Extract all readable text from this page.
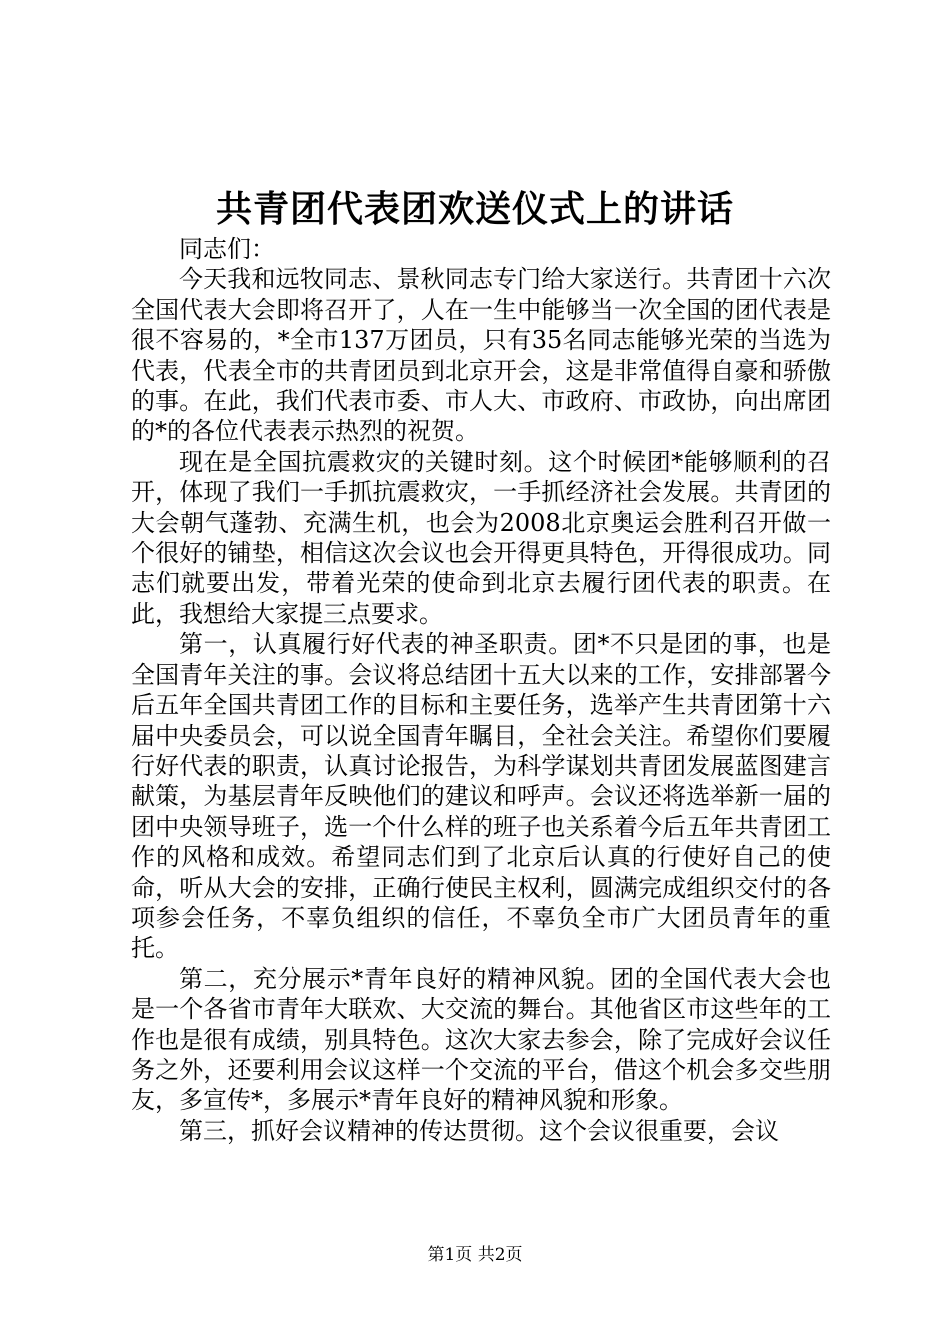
共青团代表团欢送仪式上的讲话

同志们：

今天我和远牧同志、景秋同志专门给大家送行。共青团十六次全国代表大会即将召开了，人在一生中能够当一次全国的团代表是很不容易的，*全市137万团员，只有35名同志能够光荣的当选为代表，代表全市的共青团员到北京开会，这是非常值得自豪和骄傲的事。在此，我们代表市委、市人大、市政府、市政协，向出席团的*的各位代表表示热烈的祝贺。

现在是全国抗震救灾的关键时刻。这个时候团*能够顺利的召开，体现了我们一手抓抗震救灾，一手抓经济社会发展。共青团的大会朝气蓬勃、充满生机，也会为2008北京奥运会胜利召开做一个很好的铺垫，相信这次会议也会开得更具特色，开得很成功。同志们就要出发，带着光荣的使命到北京去履行团代表的职责。在此，我想给大家提三点要求。

第一，认真履行好代表的神圣职责。团*不只是团的事，也是全国青年关注的事。会议将总结团十五大以来的工作，安排部署今后五年全国共青团工作的目标和主要任务，选举产生共青团第十六届中央委员会，可以说全国青年瞩目，全社会关注。希望你们要履行好代表的职责，认真讨论报告，为科学谋划共青团发展蓝图建言献策，为基层青年反映他们的建议和呼声。会议还将选举新一届的团中央领导班子，选一个什么样的班子也关系着今后五年共青团工作的风格和成效。希望同志们到了北京后认真的行使好自己的使命，听从大会的安排，正确行使民主权利，圆满完成组织交付的各项参会任务，不辜负组织的信任，不辜负全市广大团员青年的重托。

第二，充分展示*青年良好的精神风貌。团的全国代表大会也是一个各省市青年大联欢、大交流的舞台。其他省区市这些年的工作也是很有成绩，别具特色。这次大家去参会，除了完成好会议任务之外，还要利用会议这样一个交流的平台，借这个机会多交些朋友，多宣传*，多展示*青年良好的精神风貌和形象。

第三，抓好会议精神的传达贯彻。这个会议很重要，会议

第1页 共2页
